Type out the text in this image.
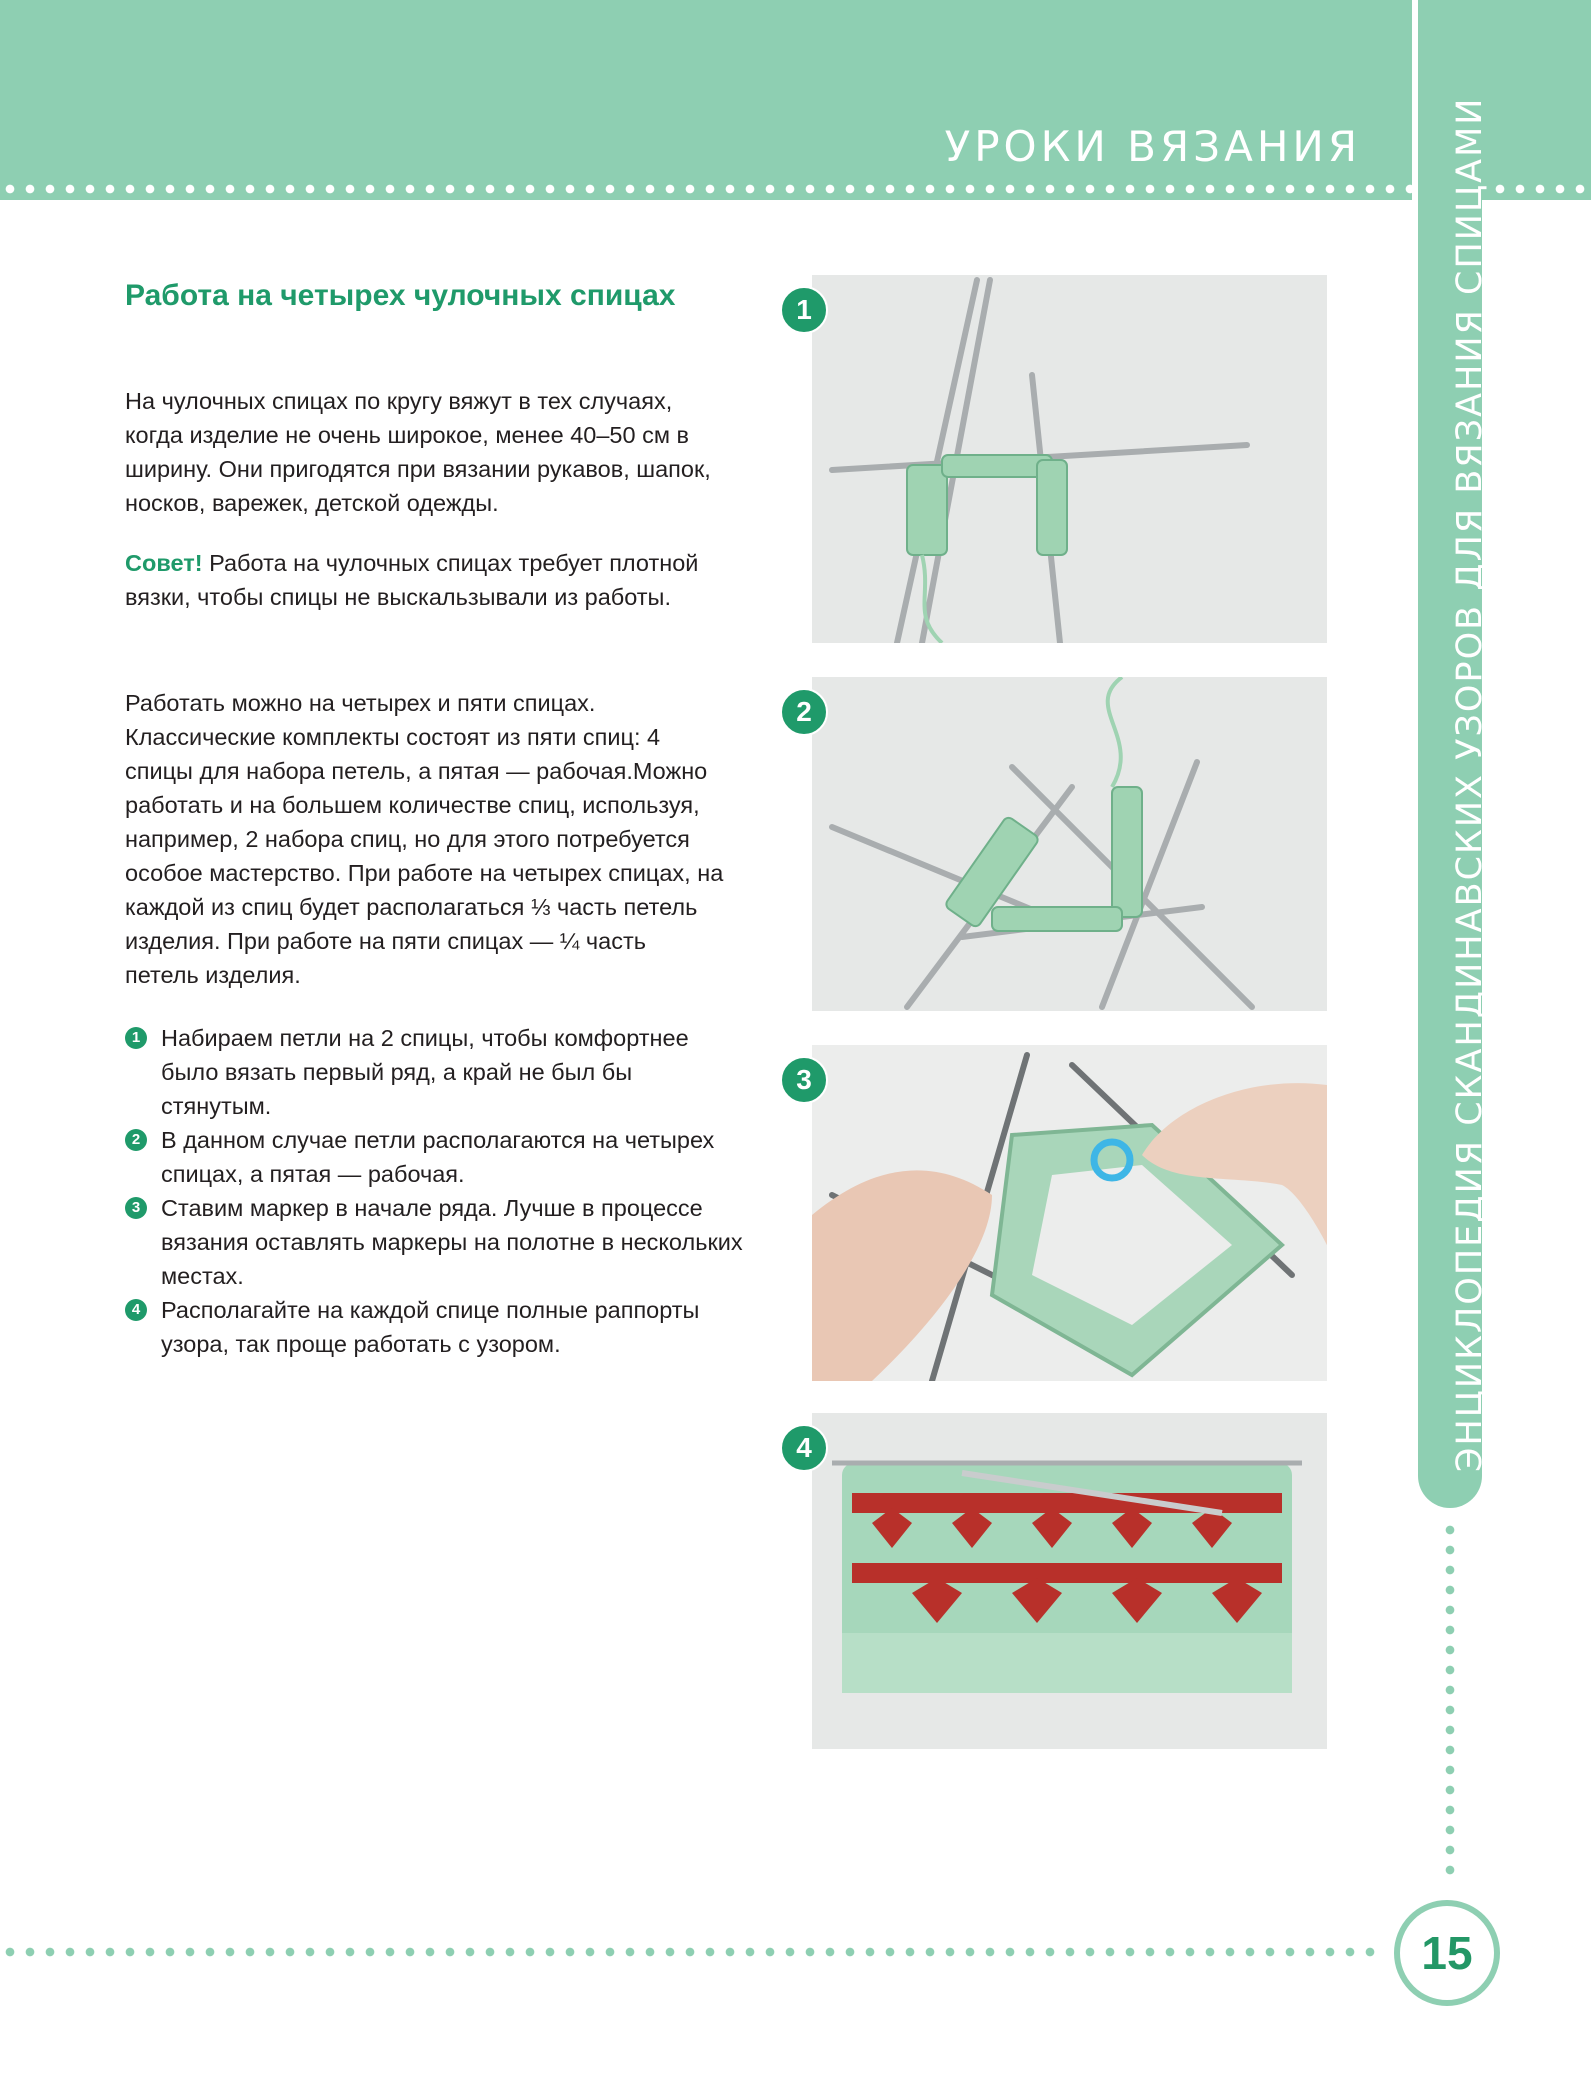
УРОКИ ВЯЗАНИЯ	ЭНЦИКЛОПЕДИЯ СКАНДИНАВСКИХ УЗОРОВ ДЛЯ ВЯЗАНИЯ СПИЦАМИ
15
Работа на четырех чулочных спицах

На чулочных спицах по кругу вяжут в тех случаях, когда изделие не очень широкое, менее 40–50 см в ширину. Они пригодятся при вязании рукавов, шапок, носков, варежек, детской одежды.

Совет! Работа на чулочных спицах требует плотной вязки, чтобы спицы не выскальзывали из работы.

Работать можно на четырех и пяти спицах. Классические комплекты состоят из пяти спиц: 4 спицы для набора петель, а пятая — рабочая.Можно работать и на большем количестве спиц, используя, например, 2 набора спиц, но для этого потребуется особое мастерство. При работе на четырех спицах, на каждой из спиц будет располагаться ⅓ часть петель изделия. При работе на пяти спицах — ¼ часть петель изделия.

1 Набираем петли на 2 спицы, чтобы комфортнее было вязать первый ряд, а край не был бы стянутым.
2 В данном случае петли располагаются на четырех спицах, а пятая — рабочая.
3 Ставим маркер в начале ряда. Лучше в процессе вязания оставлять маркеры на полотне в нескольких местах.
4 Располагайте на каждой спице полные раппорты узора, так проще работать с узором.
1
2
3
4
